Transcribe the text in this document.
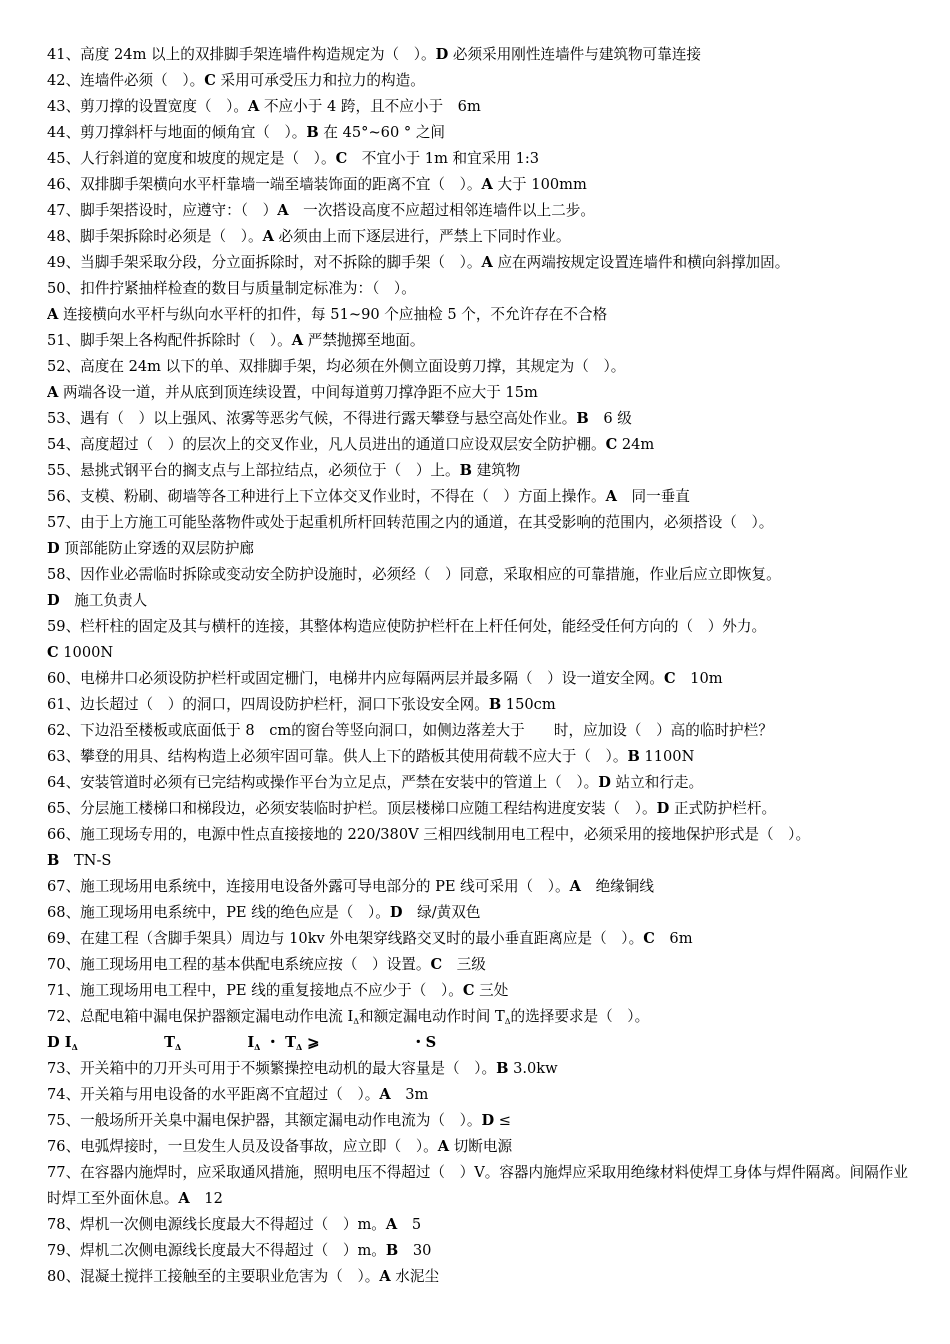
41、高度 24m 以上的双排脚手架连墙件构造规定为（　）。D 必须采用刚性连墙件与建筑物可靠连接
42、连墙件必须（　）。C 采用可承受压力和拉力的构造。
43、剪刀撑的设置宽度（　）。A 不应小于 4 跨，且不应小于　6m
44、剪刀撑斜杆与地面的倾角宜（　）。B 在 45°~60 ° 之间
45、人行斜道的宽度和坡度的规定是（　）。C　不宜小于 1m 和宜采用 1:3
46、双排脚手架横向水平杆靠墙一端至墙装饰面的距离不宜（　）。A 大于 100mm
47、脚手架搭设时，应遵守：（　）A　一次搭设高度不应超过相邻连墙件以上二步。
48、脚手架拆除时必须是（　）。A 必须由上而下逐层进行，严禁上下同时作业。
49、当脚手架采取分段，分立面拆除时，对不拆除的脚手架（　）。A 应在两端按规定设置连墙件和横向斜撑加固。
50、扣件拧紧抽样检查的数目与质量制定标准为：（　）。
A 连接横向水平杆与纵向水平杆的扣件，每 51~90 个应抽检 5 个，不允许存在不合格
51、脚手架上各构配件拆除时（　）。A 严禁抛掷至地面。
52、高度在 24m 以下的单、双排脚手架，均必须在外侧立面设剪刀撑，其规定为（　）。
A 两端各设一道，并从底到顶连续设置，中间每道剪刀撑净距不应大于 15m
53、遇有（　）以上强风、浓雾等恶劣气候，不得进行露天攀登与悬空高处作业。B　6 级
54、高度超过（　）的层次上的交叉作业，凡人员进出的通道口应设双层安全防护棚。C 24m
55、悬挑式钢平台的搁支点与上部拉结点，必须位于（　）上。B 建筑物
56、支模、粉刷、砌墙等各工种进行上下立体交叉作业时，不得在（　）方面上操作。A　同一垂直
57、由于上方施工可能坠落物件或处于起重机所杆回转范围之内的通道，在其受影响的范围内，必须搭设（　）。
D 顶部能防止穿透的双层防护廊
58、因作业必需临时拆除或变动安全防护设施时，必须经（　）同意，采取相应的可靠措施，作业后应立即恢复。
D　施工负责人
59、栏杆柱的固定及其与横杆的连接，其整体构造应使防护栏杆在上杆任何处，能经受任何方向的（　）外力。
C 1000N
60、电梯井口必须设防护栏杆或固定栅门，电梯井内应每隔两层并最多隔（　）设一道安全网。C　10m
61、边长超过（　）的洞口，四周设防护栏杆，洞口下张设安全网。B 150cm
62、下边沿至楼板或底面低于 8　cm的窗台等竖向洞口，如侧边落差大于　　时，应加设（　）高的临时护栏？
63、攀登的用具、结构构造上必须牢固可靠。供人上下的踏板其使用荷载不应大于（　）。B 1100N
64、安装管道时必须有已完结构或操作平台为立足点，严禁在安装中的管道上（　）。D 站立和行走。
65、分层施工楼梯口和梯段边，必须安装临时护栏。顶层楼梯口应随工程结构进度安装（　）。D 正式防护栏杆。
66、施工现场专用的，电源中性点直接接地的 220/380V 三相四线制用电工程中，必须采用的接地保护形式是（　）。
B　TN-S
67、施工现场用电系统中，连接用电设备外露可导电部分的 PE 线可采用（　）。A　绝缘铜线
68、施工现场用电系统中，PE 线的绝色应是（　）。D　绿/黄双色
69、在建工程（含脚手架具）周边与 10kv 外电架穿线路交叉时的最小垂直距离应是（　）。C　6m
70、施工现场用电工程的基本供配电系统应按（　）设置。C　三级
71、施工现场用电工程中，PE 线的重复接地点不应少于（　）。C 三处
72、总配电箱中漏电保护器额定漏电动作电流 $I_\Delta$和额定漏电动作时间 $T_\Delta$的选择要求是（　）。
D $I_\Delta$	$T_\Delta$	$I_\Delta$ ・ $T_\Delta$ ⩾                  ・S
73、开关箱中的刀开头可用于不频繁操控电动机的最大容量是（　）。B 3.0kw
74、开关箱与用电设备的水平距离不宜超过（　）。A　3m
75、一般场所开关臬中漏电保护器，其额定漏电动作电流为（　）。D ≤
76、电弧焊接时，一旦发生人员及设备事故，应立即（　）。A 切断电源
77、在容器内施焊时，应采取通风措施，照明电压不得超过（　）V。容器内施焊应采取用绝缘材料使焊工身体与焊件隔离。间隔作业时焊工至外面休息。A　12
78、焊机一次侧电源线长度最大不得超过（　）m。A　5
79、焊机二次侧电源线长度最大不得超过（　）m。B　30
80、混凝土搅拌工接触至的主要职业危害为（　）。A 水泥尘
